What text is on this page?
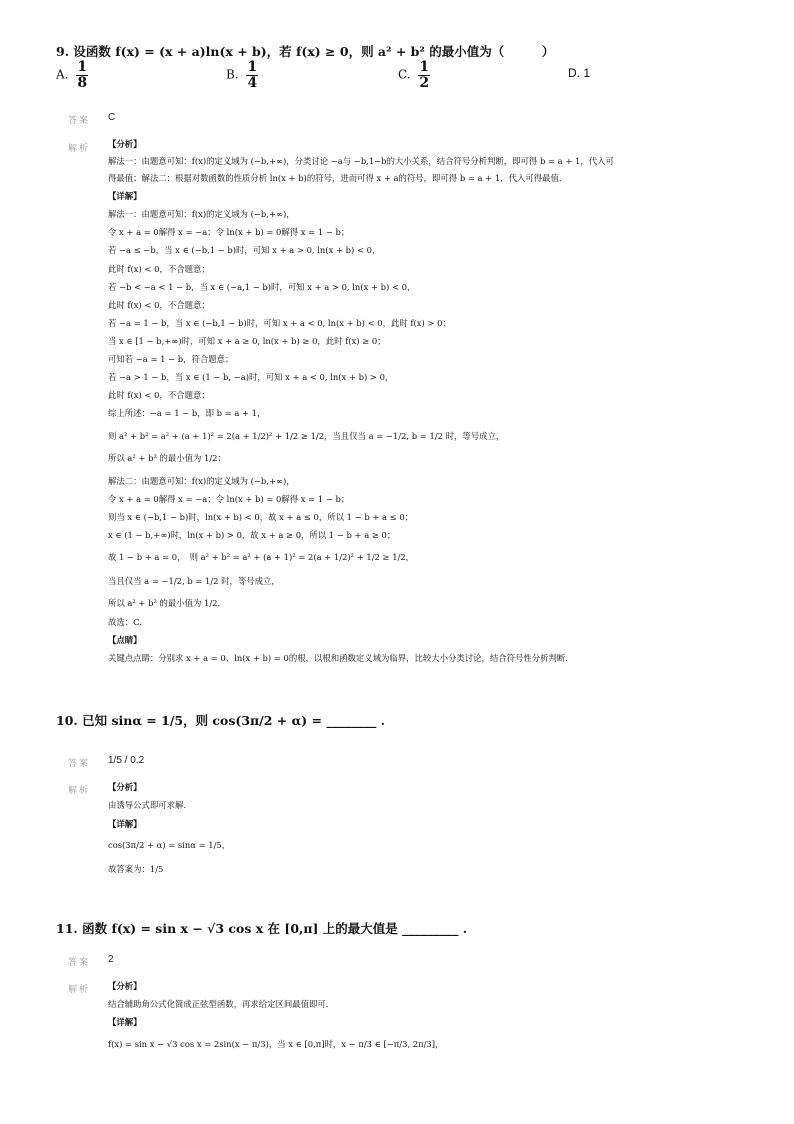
9. 设函数 f(x) = (x + a)ln(x + b)，若 f(x) ≥ 0，则 a² + b² 的最小值为（　　　）
A. $\frac{1}{8}$	B. $\frac{1}{4}$	C. $\frac{1}{2}$	D. 1
答案 C
解析 【分析】
解法一：由题意可知：f(x)的定义域为 (−b,+∞)，分类讨论 −a与 −b,1−b的大小关系，结合符号分析判断，即可得 b = a + 1，代入可
得最值；解法二：根据对数函数的性质分析 ln(x + b)的符号，进而可得 x + a的符号，即可得 b = a + 1，代入可得最值.
【详解】
解法一：由题意可知：f(x)的定义域为 (−b,+∞)，
令 x + a = 0解得 x = −a；令 ln(x + b) = 0解得 x = 1 − b；
若 −a ≤ −b，当 x ∈ (−b,1 − b)时，可知 x + a > 0, ln(x + b) < 0，
此时 f(x) < 0，不合题意；
若 −b < −a < 1 − b，当 x ∈ (−a,1 − b)时，可知 x + a > 0, ln(x + b) < 0，
此时 f(x) < 0，不合题意；
若 −a = 1 − b，当 x ∈ (−b,1 − b)时，可知 x + a < 0, ln(x + b) < 0，此时 f(x) > 0；
当 x ∈ [1 − b,+∞)时，可知 x + a ≥ 0, ln(x + b) ≥ 0，此时 f(x) ≥ 0；
可知若 −a = 1 − b，符合题意；
若 −a > 1 − b，当 x ∈ (1 − b, −a)时，可知 x + a < 0, ln(x + b) > 0，
此时 f(x) < 0，不合题意；
综上所述：−a = 1 − b，即 b = a + 1，
则 a² + b² = a² + (a + 1)² = 2(a + 1/2)² + 1/2 ≥ 1/2，当且仅当 a = −1/2, b = 1/2 时，等号成立，
所以 a² + b² 的最小值为 1/2；
解法二：由题意可知：f(x)的定义域为 (−b,+∞)，
令 x + a = 0解得 x = −a；令 ln(x + b) = 0解得 x = 1 − b；
则当 x ∈ (−b,1 − b)时，ln(x + b) < 0，故 x + a ≤ 0，所以 1 − b + a ≤ 0；
x ∈ (1 − b,+∞)时，ln(x + b) > 0，故 x + a ≥ 0，所以 1 − b + a ≥ 0；
故 1 − b + a = 0，　则 a² + b² = a² + (a + 1)² = 2(a + 1/2)² + 1/2 ≥ 1/2，
当且仅当 a = −1/2, b = 1/2 时，等号成立，
所以 a² + b² 的最小值为 1/2.
故选：C.
【点睛】
关键点点睛：分别求 x + a = 0、ln(x + b) = 0的根，以根和函数定义域为临界，比较大小分类讨论，结合符号性分析判断.
10. 已知 sinα = 1/5，则 cos(3π/2 + α) = ________ .
答案 1/5 / 0.2
解析 【分析】
由诱导公式即可求解.
【详解】
cos(3π/2 + α) = sinα = 1/5，
故答案为：1/5
11. 函数 f(x) = sin x − √3 cos x 在 [0,π] 上的最大值是 _________ .
答案 2
解析 【分析】
结合辅助角公式化简成正弦型函数，再求给定区间最值即可.
【详解】
f(x) = sin x − √3 cos x = 2sin(x − π/3)，当 x ∈ [0,π]时，x − π/3 ∈ [−π/3, 2π/3]，
